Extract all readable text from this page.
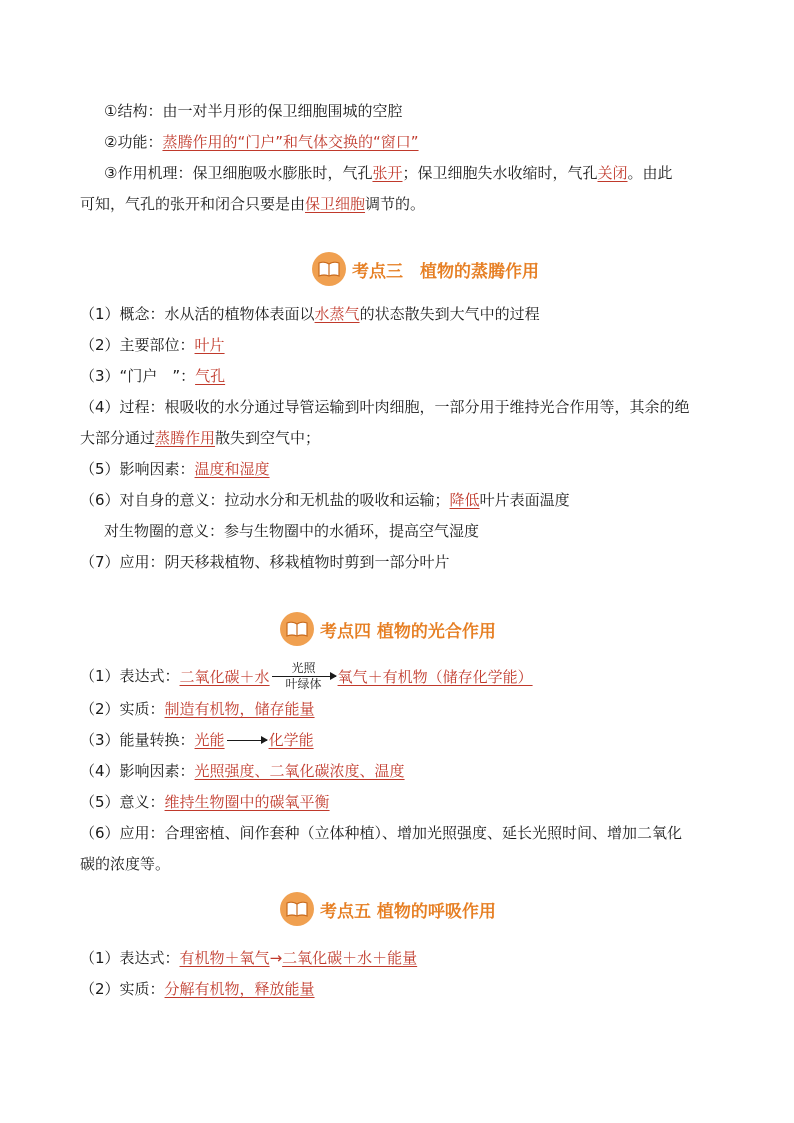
①结构：由一对半月形的保卫细胞围城的空腔
②功能：蒸腾作用的“门户”和气体交换的“窗口”
③作用机理：保卫细胞吸水膨胀时，气孔张开；保卫细胞失水收缩时，气孔关闭。由此
可知，气孔的张开和闭合只要是由保卫细胞调节的。
考点三　植物的蒸腾作用
（1）概念：水从活的植物体表面以水蒸气的状态散失到大气中的过程
（2）主要部位：叶片
（3）“门户　”：气孔
（4）过程：根吸收的水分通过导管运输到叶肉细胞，一部分用于维持光合作用等，其余的绝
大部分通过蒸腾作用散失到空气中；
（5）影响因素：温度和湿度
（6）对自身的意义：拉动水分和无机盐的吸收和运输；降低叶片表面温度
对生物圈的意义：参与生物圈中的水循环，提高空气湿度
（7）应用：阴天移栽植物、移栽植物时剪到一部分叶片
考点四 植物的光合作用
（1）表达式： 二氧化碳＋水 光照
叶绿体 氧气＋有机物（储存化学能）
（2）实质：制造有机物，储存能量
（3）能量转换：光能	化学能
（4）影响因素：光照强度、二氧化碳浓度、温度
（5）意义：维持生物圈中的碳氧平衡
（6）应用：合理密植、间作套种（立体种植）、增加光照强度、延长光照时间、增加二氧化
碳的浓度等。
考点五 植物的呼吸作用
（1）表达式：有机物＋氧气→二氧化碳＋水＋能量
（2）实质：分解有机物，释放能量
